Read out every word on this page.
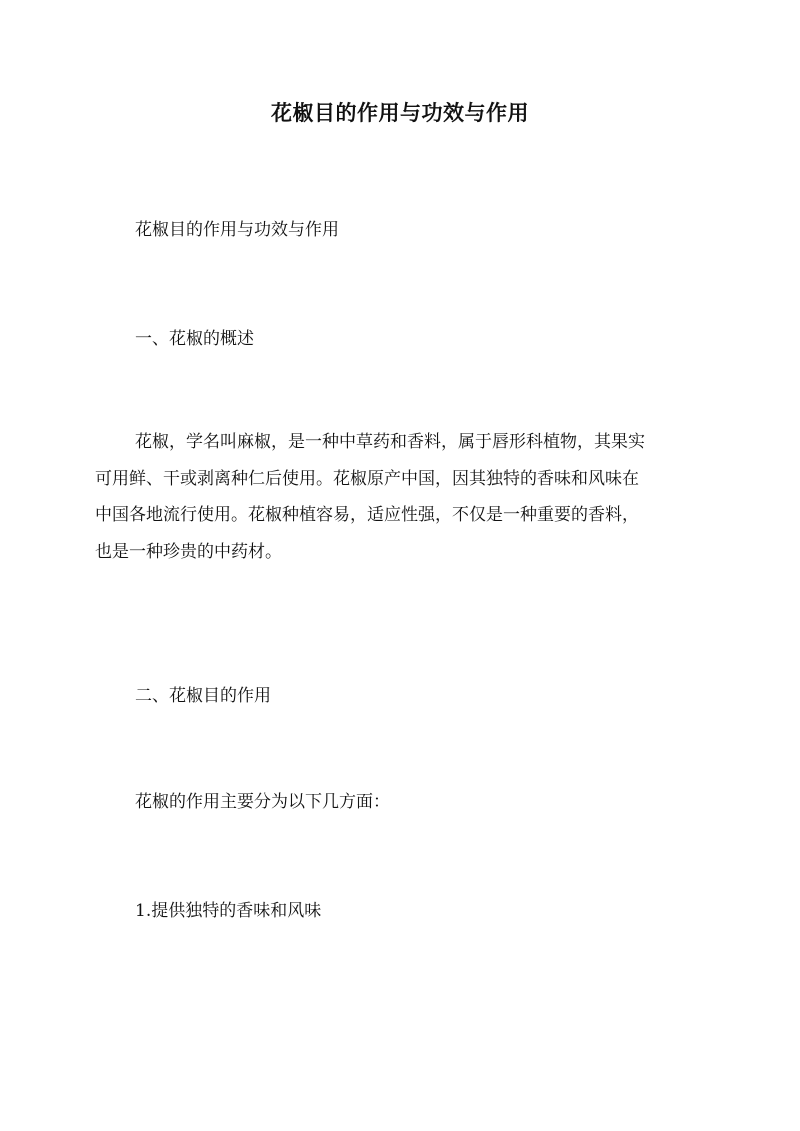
花椒目的作用与功效与作用

花椒目的作用与功效与作用

一、花椒的概述

花椒，学名叫麻椒，是一种中草药和香料，属于唇形科植物，其果实
可用鲜、干或剥离种仁后使用。花椒原产中国，因其独特的香味和风味在
中国各地流行使用。花椒种植容易，适应性强，不仅是一种重要的香料，
也是一种珍贵的中药材。

二、花椒目的作用

花椒的作用主要分为以下几方面：

1.提供独特的香味和风味
